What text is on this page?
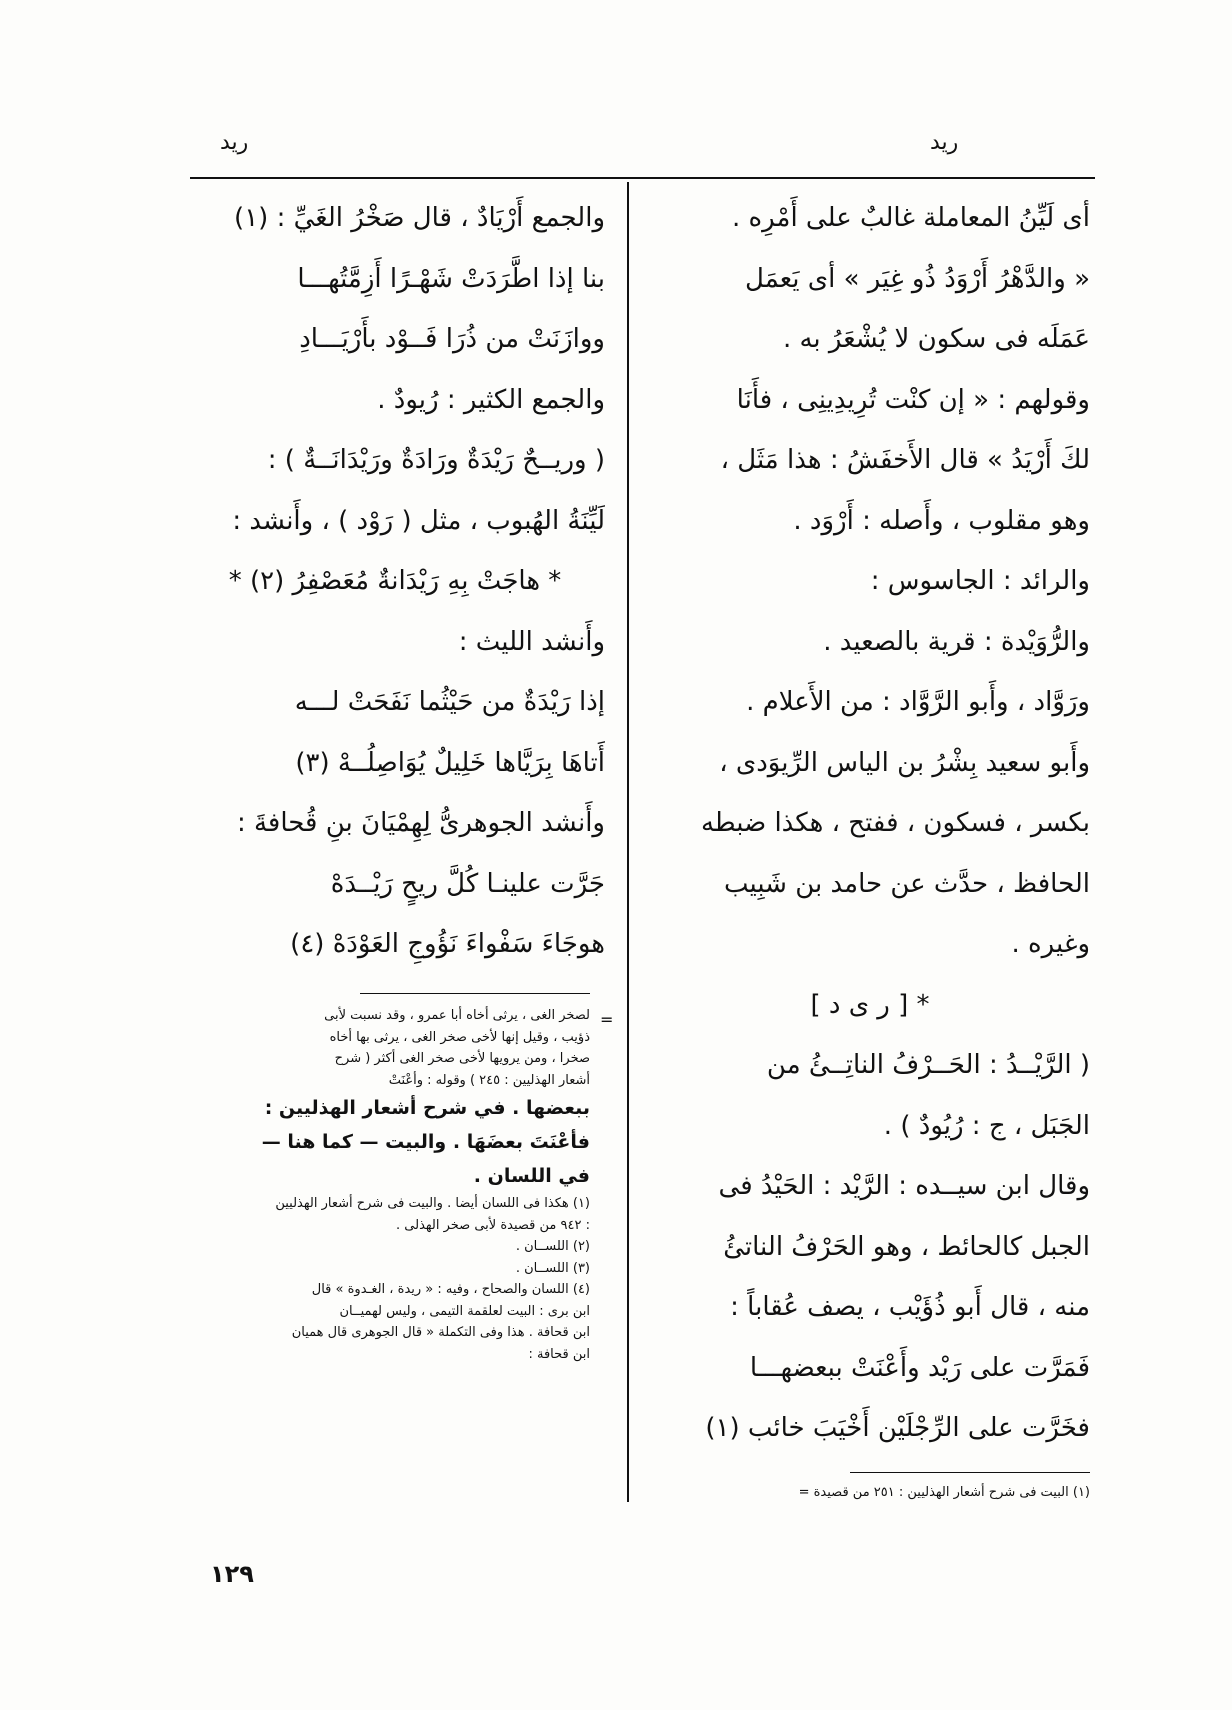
ريد	ريد
أى لَيِّنُ المعاملة غالبٌ على أَمْرِه .
« والدَّهْرُ أَرْوَدُ ذُو غِيَر » أى يَعمَل
عَمَلَه فى سكون لا يُشْعَرُ به .
وقولهم : « إن كنْت تُرِيدِينِى ، فأَنَا
لكَ أَرْيَدُ » قال الأَخفَشُ : هذا مَثَل ،
وهو مقلوب ، وأَصله : أَرْوَد .
والرائد : الجاسوس :
والرُّوَيْدة : قرية بالصعيد .
ورَوَّاد ، وأَبو الرَّوَّاد : من الأَعلام .
وأَبو سعيد بِشْرُ بن الياس الرِّيوَدى ،
بكسر ، فسكون ، ففتح ، هكذا ضبطه
الحافظ ، حدَّث عن حامد بن شَبِيب
وغيره .
* [ ر ى د ]
( الرَّيْــدُ : الحَــرْفُ الناتِــئُ من
الجَبَل ، ج : رُيُودٌ ) .
وقال ابن سيــده : الرَّيْد : الحَيْدُ فى
الجبل كالحائط ، وهو الحَرْفُ الناتئُ
منه ، قال أَبو ذُؤَيْب ، يصف عُقاباً :
فَمَرَّت على رَيْد وأَعْنَتْ ببعضهـــا
فخَرَّت على الرِّجْلَيْن أَخْيَبَ خائب (١)
(١) البيت فى شرح أشعار الهذليين : ٢٥١ من قصيدة =
والجمع أَرْيَادٌ ، قال صَخْرُ الغَيِّ : (١)
بنا إذا اطَّرَدَتْ شَهْـرًا أَزِمَّتُهـــا
ووازَنَتْ من ذُرَا فَــوْد بأَرْيَـــادِ
والجمع الكثير : رُيودٌ .
( وريــحٌ رَيْدَةٌ ورَادَةٌ ورَيْدَانَــةٌ ) :
لَيِّنَةُ الهُبوب ، مثل ( رَوْد ) ، وأَنشد :
* هاجَتْ بِهِ رَيْدَانةٌ مُعَصْفِرُ (٢) *
وأَنشد الليث :
إذا رَيْدَةٌ من حَيْثُما نَفَحَتْ لـــه
أَتاهَا بِرَيَّاها خَلِيلٌ يُوَاصِلُــهْ (٣)
وأَنشد الجوهرىُّ لِهِمْيَانَ بنِ قُحافةَ :
جَرَّت علينـا كُلَّ ريحٍ رَيْــدَهْ
هوجَاءَ سَفْواءَ نَؤُوجِ العَوْدَهْ (٤)
=
لصخر الغى ، يرثى أخاه أبا عمرو ، وقد نسبت لأبى
ذؤيب ، وقيل إنها لأخى صخر الغى ، يرثى بها أخاه
صخرا ، ومن يرويها لأخى صخر الغى أكثر ( شرح
أشعار الهذليين : ٢٤٥ ) وقوله : وأعْنَتْ
ببعضها . في شرح أشعار الهذليين :
فأعْنَتَ بعضَهَا . والبيت — كما هنا —
في اللسان .
(١) هكذا فى اللسان أيضا . والبيت فى شرح أشعار الهذليين
: ٩٤٢ من قصيدة لأبى صخر الهذلى .
(٢) اللســان .
(٣) اللســان .
(٤) اللسان والصحاح ، وفيه : « ريدة ، الغـدوة » قال
ابن برى : البيت لعلقمة التيمى ، وليس لهميــان
ابن قحافة . هذا وفى التكملة « قال الجوهرى قال هميان
ابن قحافة :
١٢٩
